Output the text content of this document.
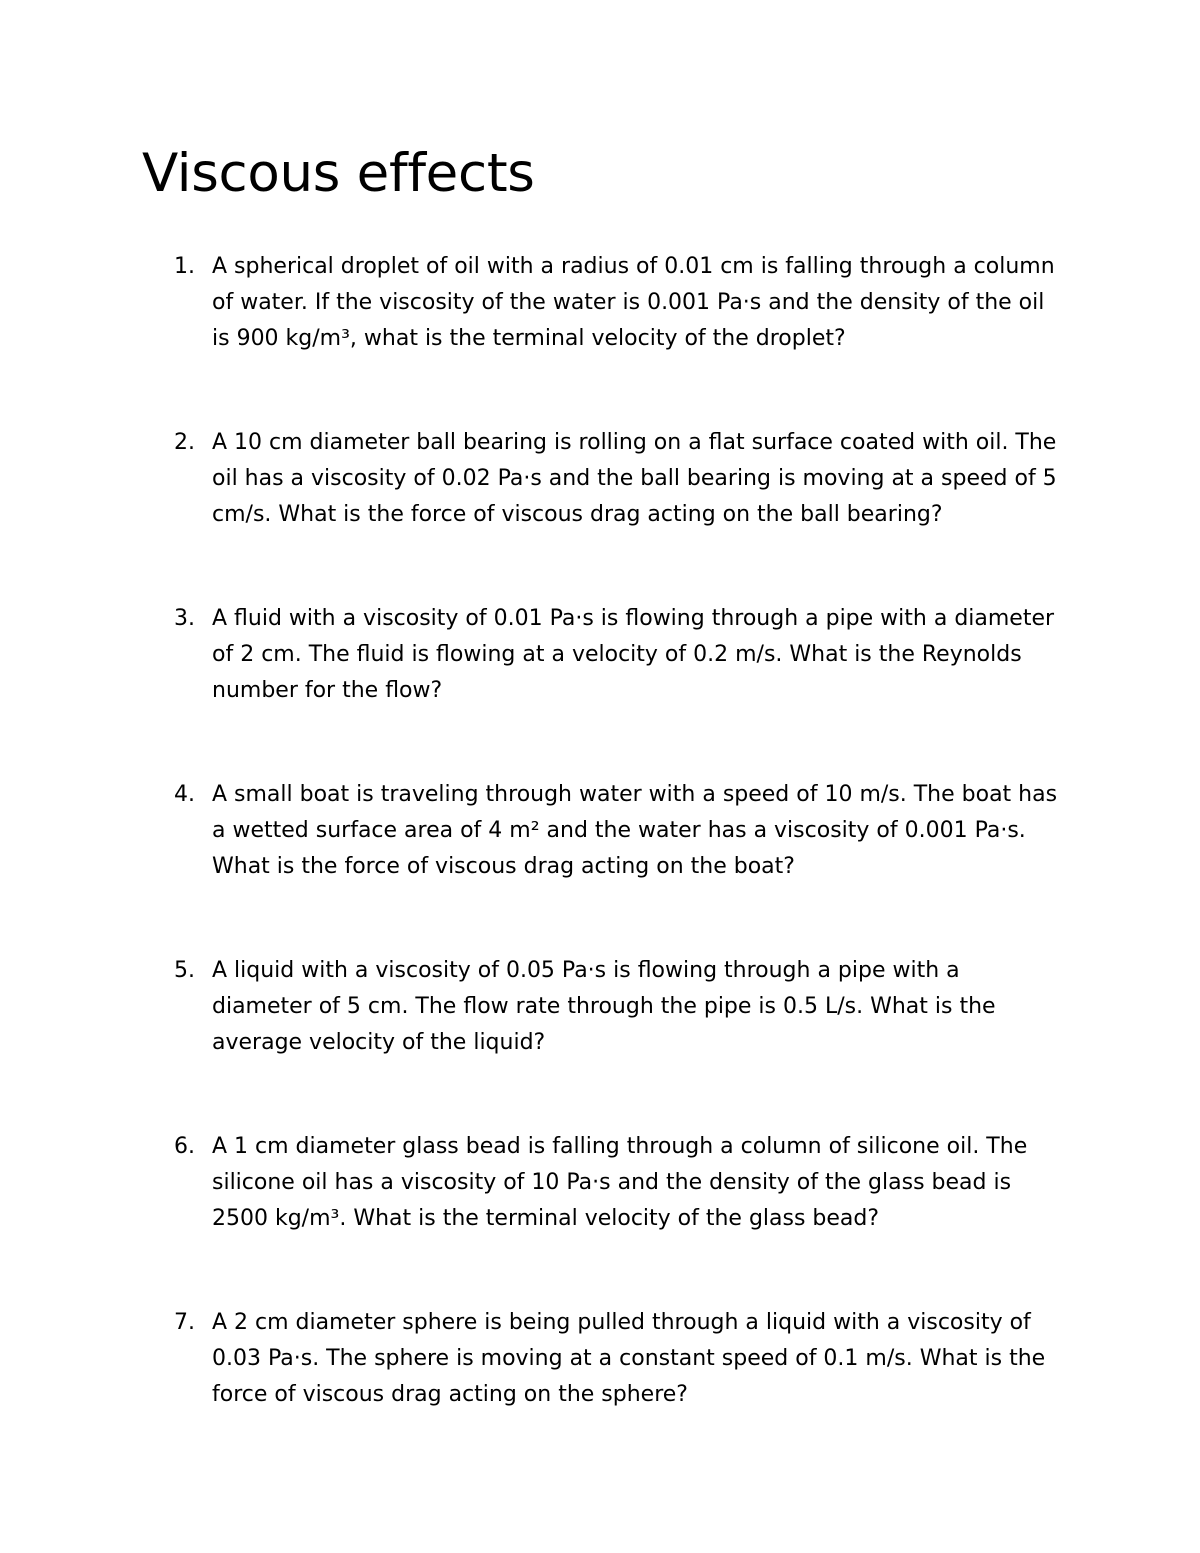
Viscous effects
1. A spherical droplet of oil with a radius of 0.01 cm is falling through a column
of water. If the viscosity of the water is 0.001 Pa·s and the density of the oil
is 900 kg/m³, what is the terminal velocity of the droplet?
2. A 10 cm diameter ball bearing is rolling on a flat surface coated with oil. The
oil has a viscosity of 0.02 Pa·s and the ball bearing is moving at a speed of 5
cm/s. What is the force of viscous drag acting on the ball bearing?
3. A fluid with a viscosity of 0.01 Pa·s is flowing through a pipe with a diameter
of 2 cm. The fluid is flowing at a velocity of 0.2 m/s. What is the Reynolds
number for the flow?
4. A small boat is traveling through water with a speed of 10 m/s. The boat has
a wetted surface area of 4 m² and the water has a viscosity of 0.001 Pa·s.
What is the force of viscous drag acting on the boat?
5. A liquid with a viscosity of 0.05 Pa·s is flowing through a pipe with a
diameter of 5 cm. The flow rate through the pipe is 0.5 L/s. What is the
average velocity of the liquid?
6. A 1 cm diameter glass bead is falling through a column of silicone oil. The
silicone oil has a viscosity of 10 Pa·s and the density of the glass bead is
2500 kg/m³. What is the terminal velocity of the glass bead?
7. A 2 cm diameter sphere is being pulled through a liquid with a viscosity of
0.03 Pa·s. The sphere is moving at a constant speed of 0.1 m/s. What is the
force of viscous drag acting on the sphere?
